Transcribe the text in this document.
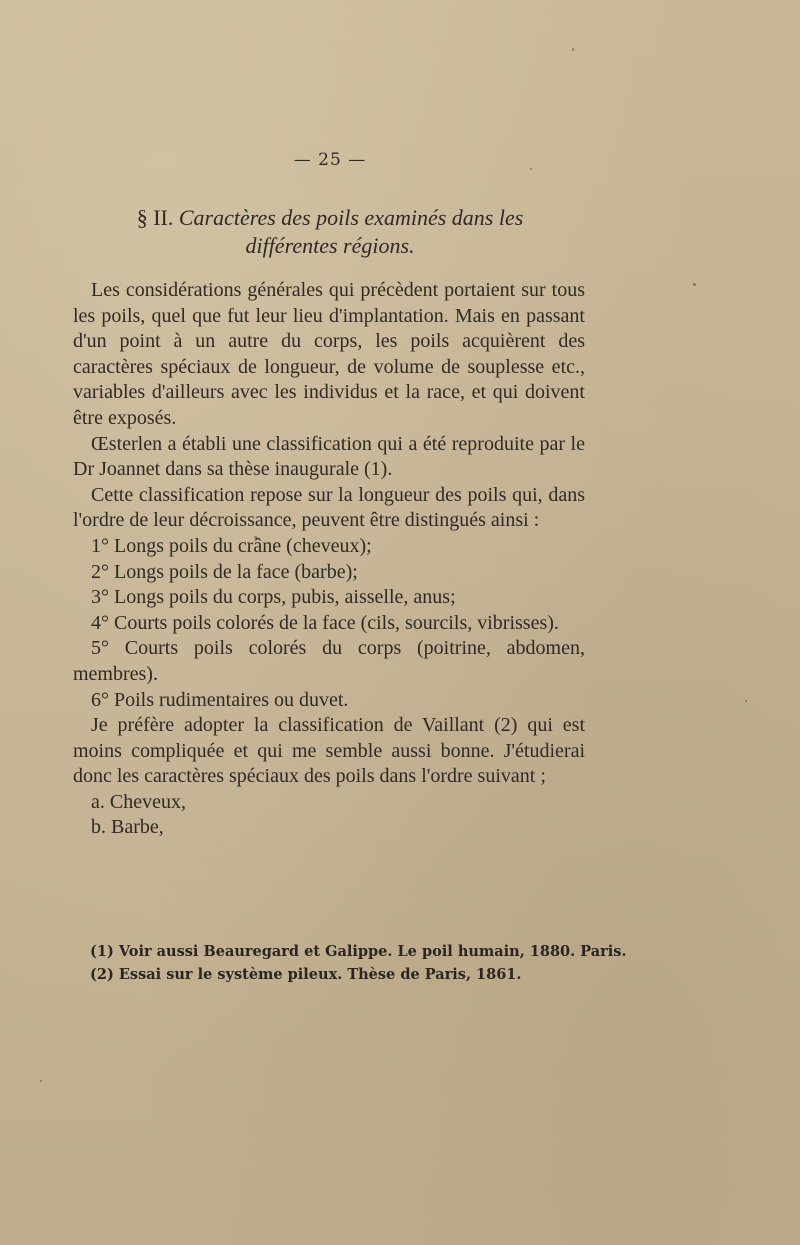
— 25 —
§ II. Caractères des poils examinés dans les différentes régions.

Les considérations générales qui précèdent portaient sur tous les poils, quel que fut leur lieu d'implantation. Mais en passant d'un point à un autre du corps, les poils acquièrent des caractères spéciaux de longueur, de volume de souplesse etc., variables d'ailleurs avec les individus et la race, et qui doivent être exposés.

Œsterlen a établi une classification qui a été reproduite par le Dr Joannet dans sa thèse inaugurale (1).

Cette classification repose sur la longueur des poils qui, dans l'ordre de leur décroissance, peuvent être distingués ainsi :

1° Longs poils du crâne (cheveux);

2° Longs poils de la face (barbe);

3° Longs poils du corps, pubis, aisselle, anus;

4° Courts poils colorés de la face (cils, sourcils, vibrisses).

5° Courts poils colorés du corps (poitrine, abdomen, membres).

6° Poils rudimentaires ou duvet.

Je préfère adopter la classification de Vaillant (2) qui est moins compliquée et qui me semble aussi bonne. J'étudierai donc les caractères spéciaux des poils dans l'ordre suivant ;

a. Cheveux,

b. Barbe,

(1) Voir aussi Beauregard et Galippe. Le poil humain, 1880. Paris.

(2) Essai sur le système pileux. Thèse de Paris, 1861.
